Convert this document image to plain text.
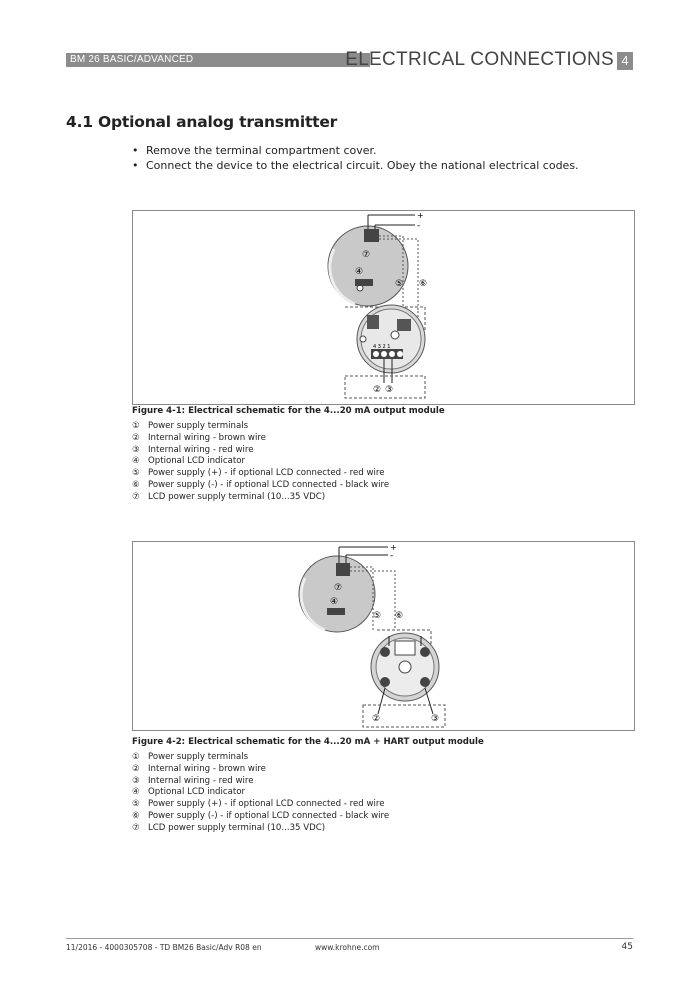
BM 26 BASIC/ADVANCED	ELECTRICAL CONNECTIONS 4
4.1 Optional analog transmitter
• Remove the terminal compartment cover.
• Connect the device to the electrical circuit. Obey the national electrical codes.
+
-
⑦
④
⑤ ⑥
② ③
4 3 2 1
Figure 4-1: Electrical schematic for the 4...20 mA output module
① Power supply terminals
② Internal wiring - brown wire
③ Internal wiring - red wire
④ Optional LCD indicator
⑤ Power supply (+) - if optional LCD connected - red wire
⑥ Power supply (-) - if optional LCD connected - black wire
⑦ LCD power supply terminal (10...35 VDC)
+
-
⑦
④
⑤ ⑥
②	③
Figure 4-2: Electrical schematic for the 4...20 mA + HART output module
① Power supply terminals
② Internal wiring - brown wire
③ Internal wiring - red wire
④ Optional LCD indicator
⑤ Power supply (+) - if optional LCD connected - red wire
⑥ Power supply (-) - if optional LCD connected - black wire
⑦ LCD power supply terminal (10...35 VDC)
11/2016 - 4000305708 - TD BM26 Basic/Adv R08 en	www.krohne.com	45
